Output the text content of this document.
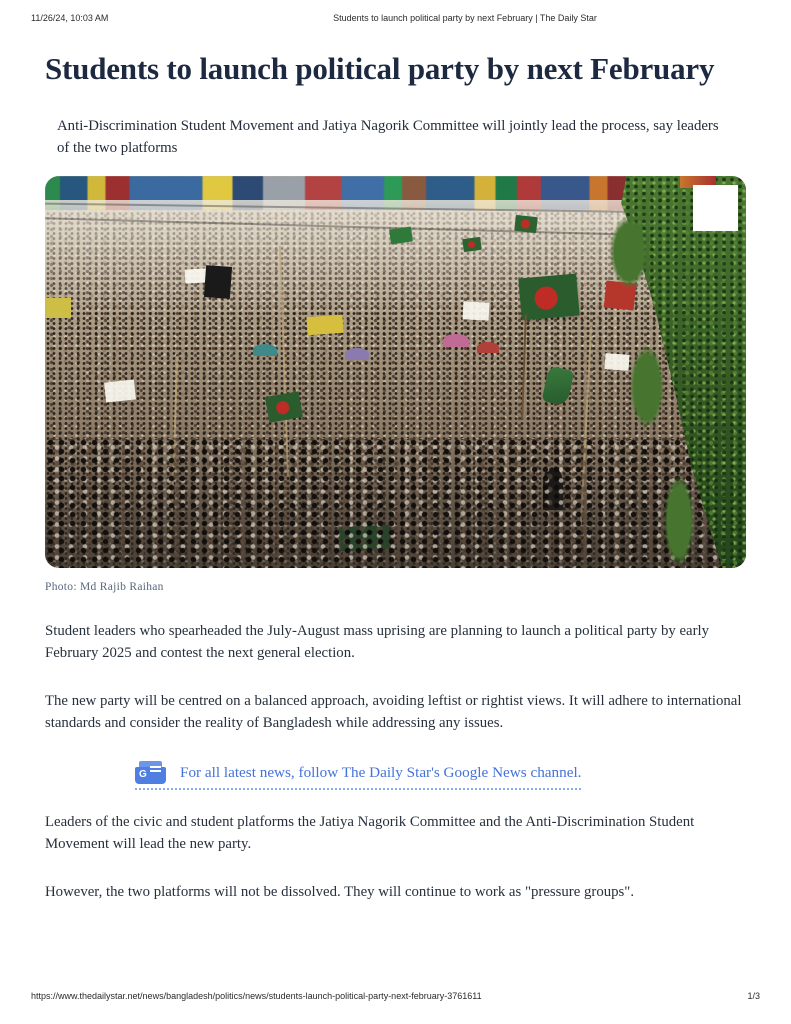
11/26/24, 10:03 AM	Students to launch political party by next February | The Daily Star
Students to launch political party by next February

Anti-Discrimination Student Movement and Jatiya Nagorik Committee will jointly lead the process, say leaders of the two platforms

Photo: Md Rajib Raihan

Student leaders who spearheaded the July-August mass uprising are planning to launch a political party by early February 2025 and contest the next general election.

The new party will be centred on a balanced approach, avoiding leftist or rightist views. It will adhere to international standards and consider the reality of Bangladesh while addressing any issues.

G
For all latest news, follow The Daily Star's Google News channel.

Leaders of the civic and student platforms the Jatiya Nagorik Committee and the Anti-Discrimination Student Movement will lead the new party.

However, the two platforms will not be dissolved. They will continue to work as "pressure groups".

https://www.thedailystar.net/news/bangladesh/politics/news/students-launch-political-party-next-february-3761611	1/3
